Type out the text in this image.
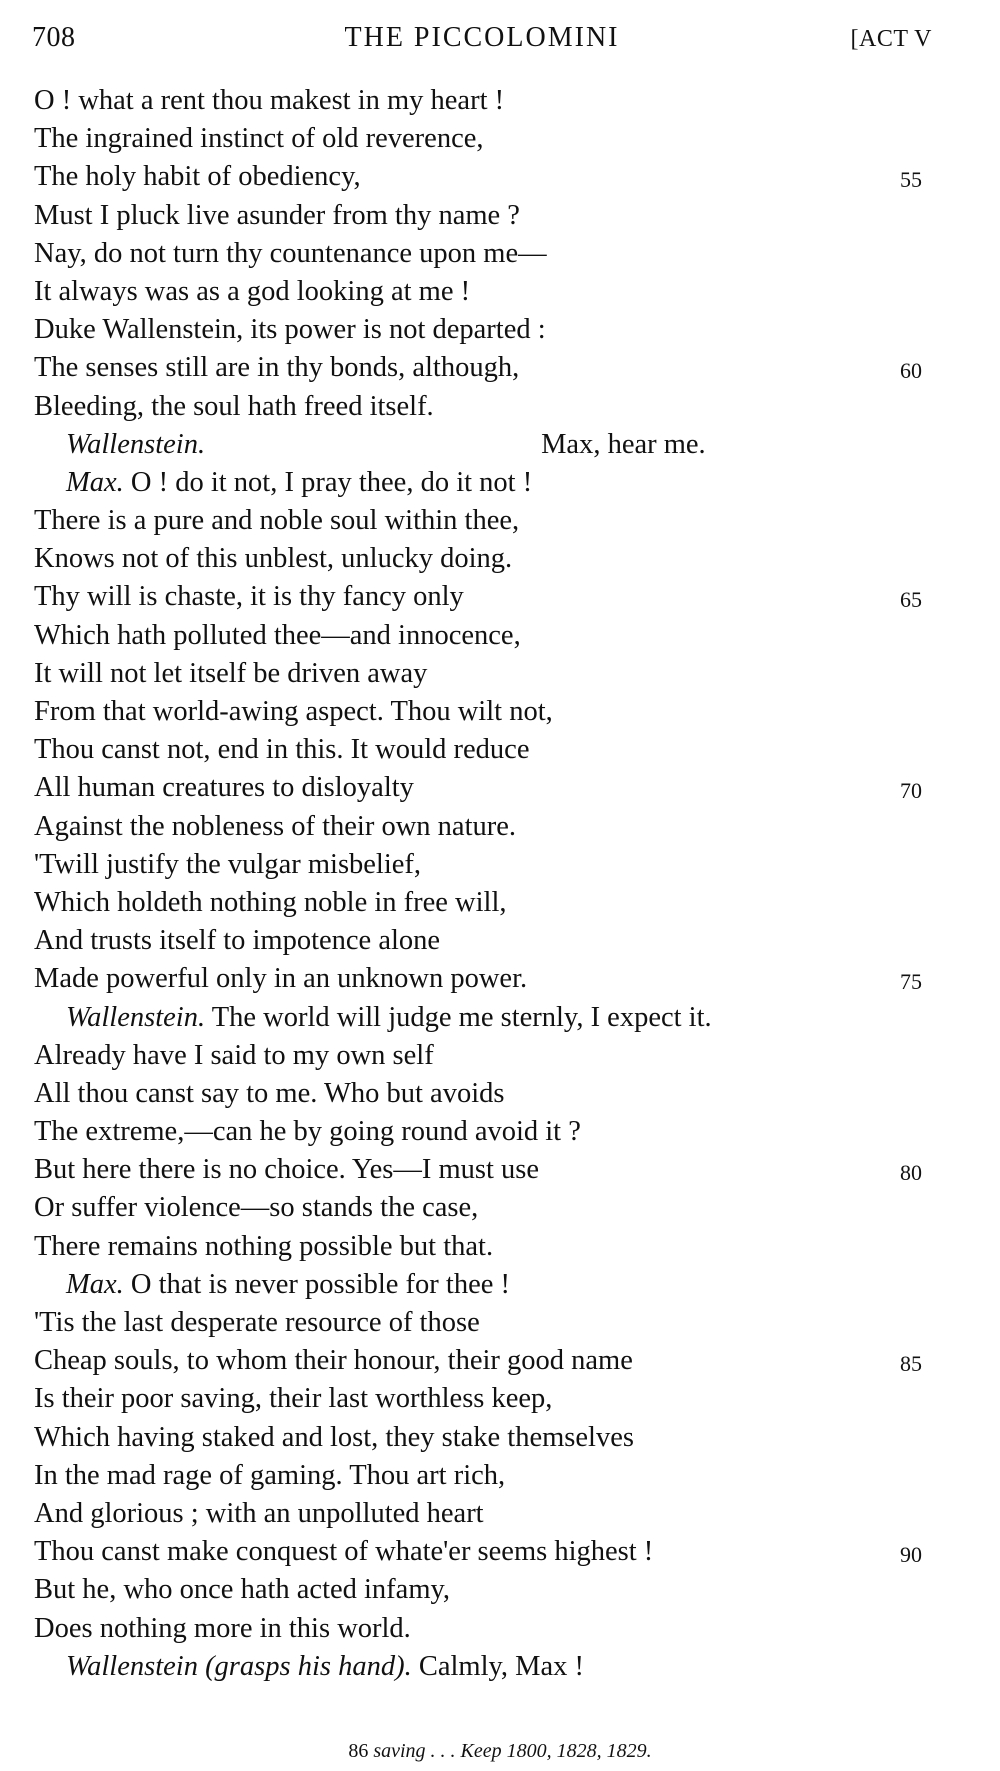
708	THE PICCOLOMINI	[ACT V
O ! what a rent thou makest in my heart !
The ingrained instinct of old reverence,
The holy habit of obediency,	55
Must I pluck live asunder from thy name ?
Nay, do not turn thy countenance upon me—
It always was as a god looking at me !
Duke Wallenstein, its power is not departed :
The senses still are in thy bonds, although,	60
Bleeding, the soul hath freed itself.
Wallenstein.	Max, hear me.
Max. O ! do it not, I pray thee, do it not !
There is a pure and noble soul within thee,
Knows not of this unblest, unlucky doing.
Thy will is chaste, it is thy fancy only	65
Which hath polluted thee—and innocence,
It will not let itself be driven away
From that world-awing aspect. Thou wilt not,
Thou canst not, end in this. It would reduce
All human creatures to disloyalty	70
Against the nobleness of their own nature.
'Twill justify the vulgar misbelief,
Which holdeth nothing noble in free will,
And trusts itself to impotence alone
Made powerful only in an unknown power.	75
Wallenstein. The world will judge me sternly, I expect it.
Already have I said to my own self
All thou canst say to me. Who but avoids
The extreme,—can he by going round avoid it ?
But here there is no choice. Yes—I must use	80
Or suffer violence—so stands the case,
There remains nothing possible but that.
Max. O that is never possible for thee !
'Tis the last desperate resource of those
Cheap souls, to whom their honour, their good name	85
Is their poor saving, their last worthless keep,
Which having staked and lost, they stake themselves
In the mad rage of gaming. Thou art rich,
And glorious ; with an unpolluted heart
Thou canst make conquest of whate'er seems highest !	90
But he, who once hath acted infamy,
Does nothing more in this world.
Wallenstein (grasps his hand). Calmly, Max !
86 saving . . . Keep 1800, 1828, 1829.
